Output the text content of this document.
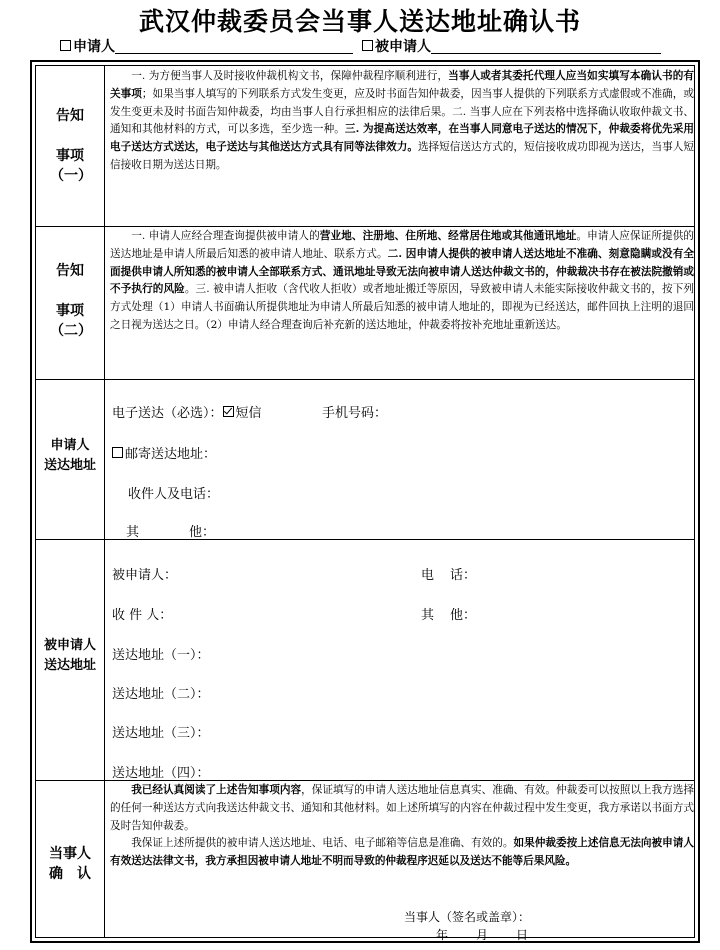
武汉仲裁委员会当事人送达地址确认书
申请人	被申请人
告知
事项（一）
一. 为方便当事人及时接收仲裁机构文书，保障仲裁程序顺利进行，当事人或者其委托代理人应当如实填写本确认书的有关事项；如果当事人填写的下列联系方式发生变更，应及时书面告知仲裁委，因当事人提供的下列联系方式虚假或不准确，或发生变更未及时书面告知仲裁委，均由当事人自行承担相应的法律后果。二. 当事人应在下列表格中选择确认收取仲裁文书、通知和其他材料的方式，可以多选，至少选一种。三. 为提高送达效率，在当事人同意电子送达的情况下，仲裁委将优先采用电子送达方式送达，电子送达与其他送达方式具有同等法律效力。选择短信送达方式的，短信接收成功即视为送达，当事人短信接收日期为送达日期。
告知
事项（二）
一. 申请人应经合理查询提供被申请人的营业地、注册地、住所地、经常居住地或其他通讯地址。申请人应保证所提供的送达地址是申请人所最后知悉的被申请人地址、联系方式。二. 因申请人提供的被申请人送达地址不准确、刻意隐瞒或没有全面提供申请人所知悉的被申请人全部联系方式、通讯地址导致无法向被申请人送达仲裁文书的，仲裁裁决书存在被法院撤销或不予执行的风险。三. 被申请人拒收（含代收人拒收）或者地址搬迁等原因，导致被申请人未能实际接收仲裁文书的，按下列方式处理（1）申请人书面确认所提供地址为申请人所最后知悉的被申请人地址的，即视为已经送达，邮件回执上注明的退回之日视为送达之日。（2）申请人经合理查询后补充新的送达地址，仲裁委将按补充地址重新送达。
申请人
送达地址
电子送达（必选）： 短信	手机号码：
邮寄送达地址：
收件人及电话：
其	他：
被申请人
送达地址
被申请人：	电 话：
收 件 人：	其 他：
送达地址（一）：
送达地址（二）：
送达地址（三）：
送达地址（四）：
当事人
确　认
我已经认真阅读了上述告知事项内容，保证填写的申请人送达地址信息真实、准确、有效。仲裁委可以按照以上我方选择的任何一种送达方式向我送达仲裁文书、通知和其他材料。如上述所填写的内容在仲裁过程中发生变更，我方承诺以书面方式及时告知仲裁委。
我保证上述所提供的被申请人送达地址、电话、电子邮箱等信息是准确、有效的。如果仲裁委按上述信息无法向被申请人有效送达法律文书，我方承担因被申请人地址不明而导致的仲裁程序迟延以及送达不能等后果风险。
当事人（签名或盖章）：
年 月 日
